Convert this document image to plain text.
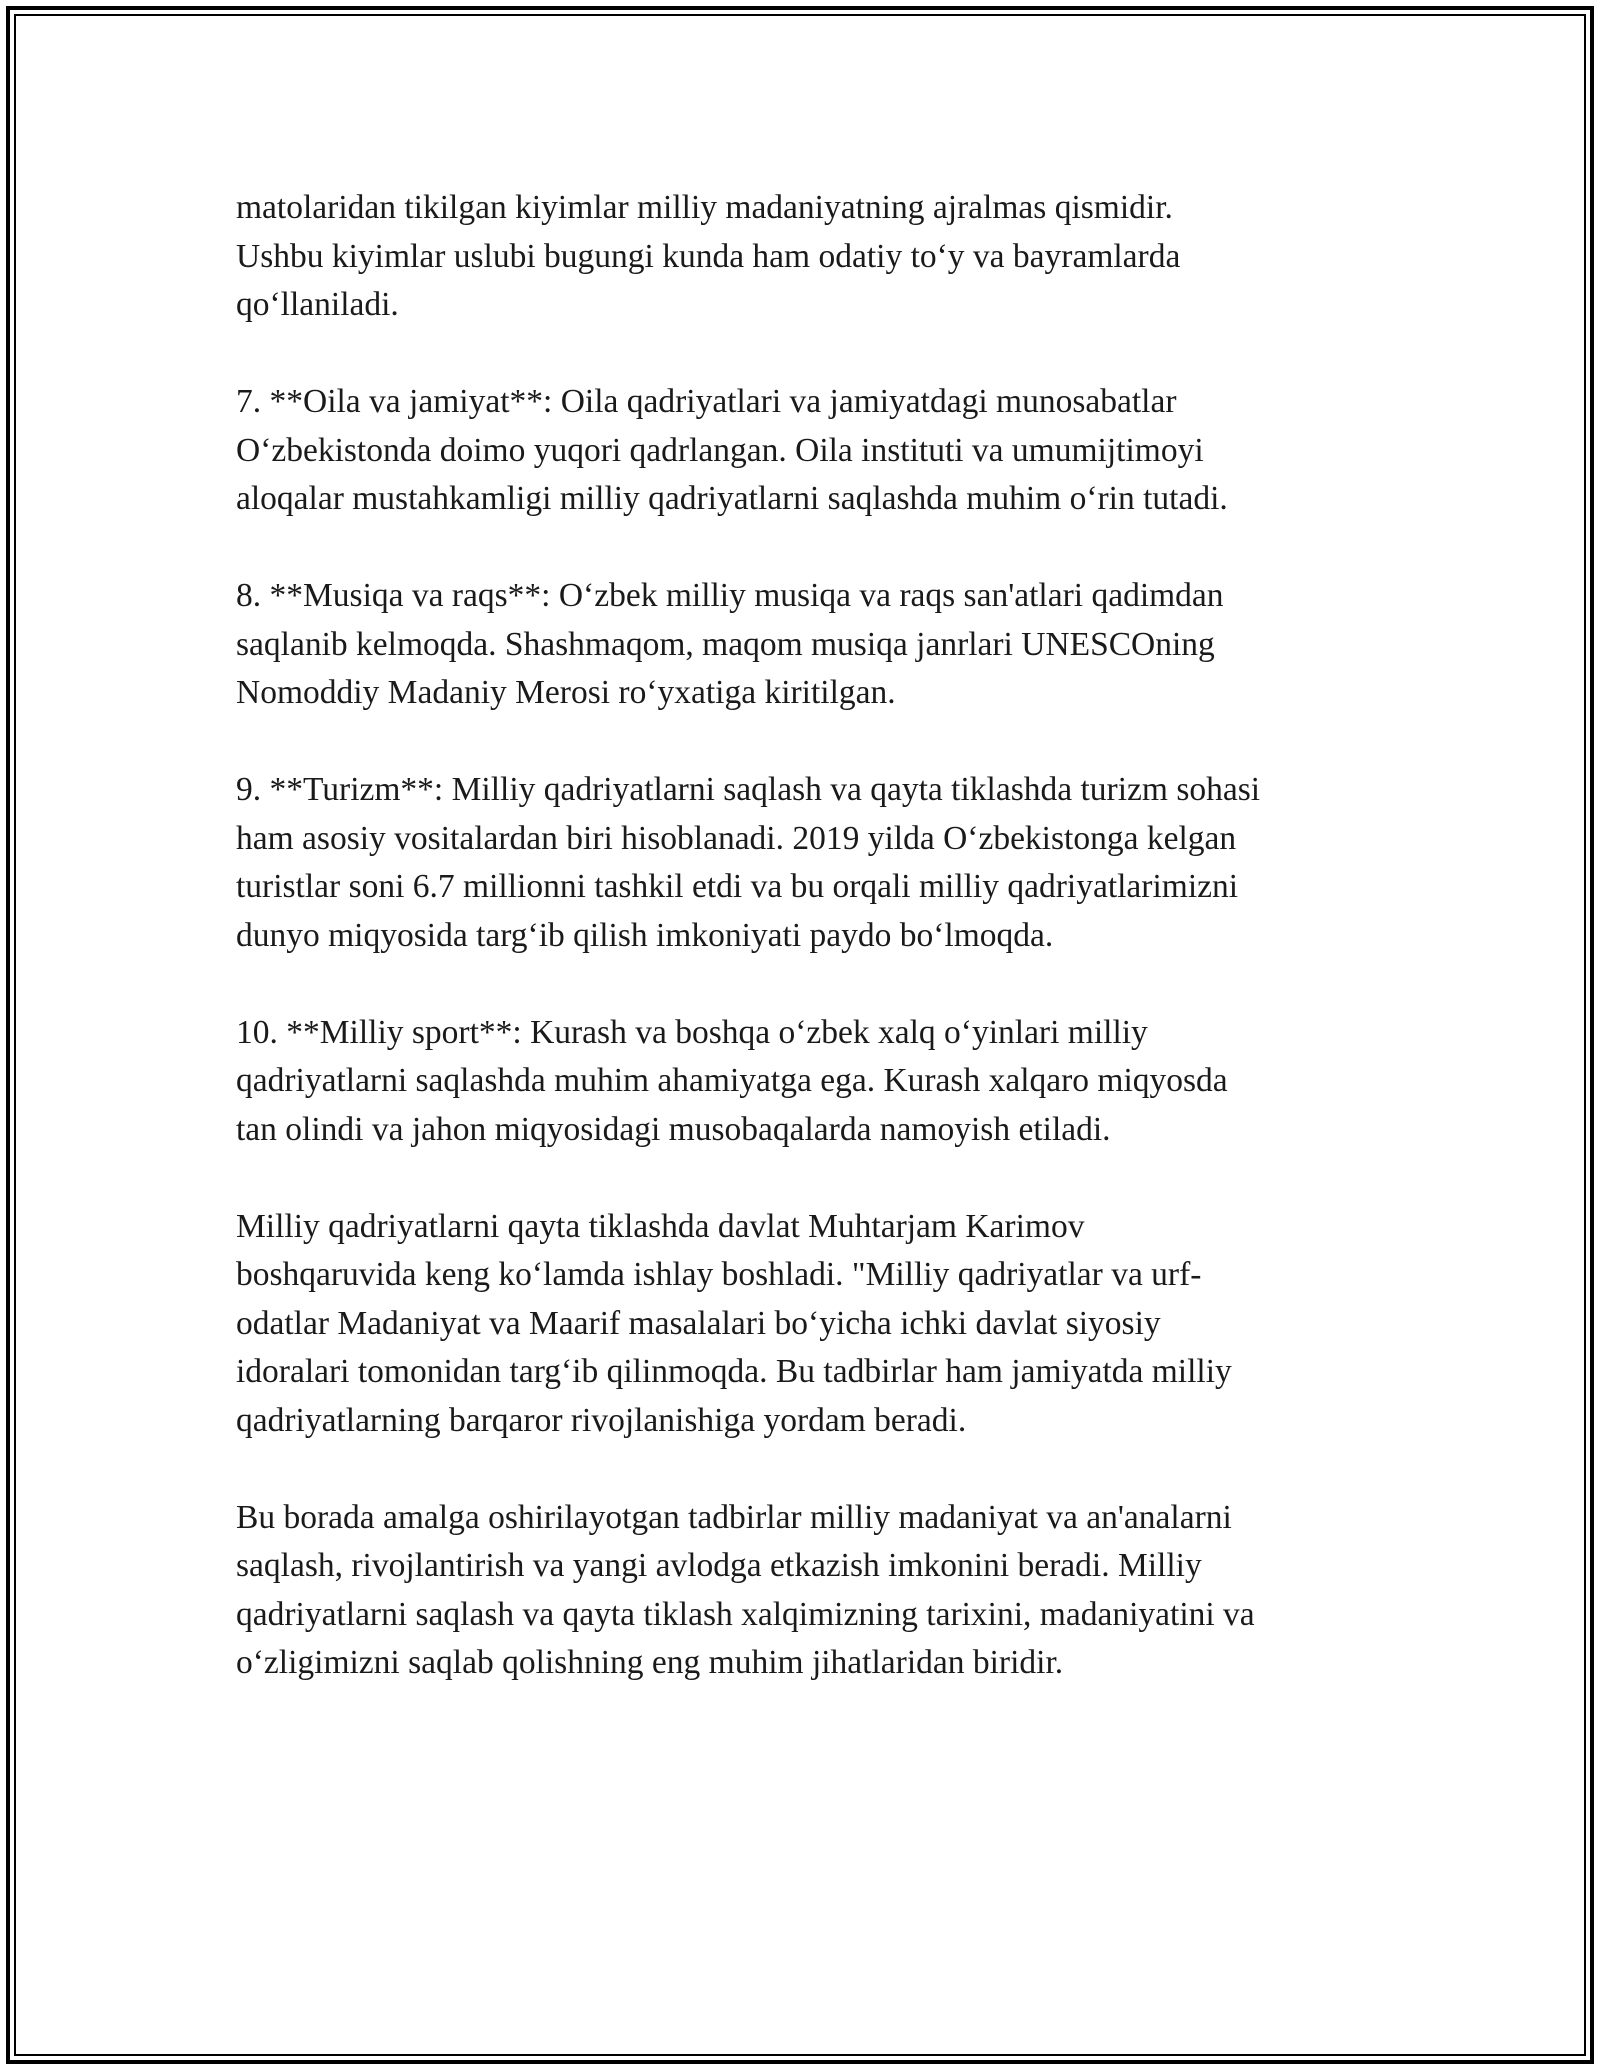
matolaridan tikilgan kiyimlar milliy madaniyatning ajralmas qismidir.
Ushbu kiyimlar uslubi bugungi kunda ham odatiy to‘y va bayramlarda
qo‘llaniladi.

7. **Oila va jamiyat**: Oila qadriyatlari va jamiyatdagi munosabatlar
O‘zbekistonda doimo yuqori qadrlangan. Oila instituti va umumijtimoyi
aloqalar mustahkamligi milliy qadriyatlarni saqlashda muhim o‘rin tutadi.

8. **Musiqa va raqs**: O‘zbek milliy musiqa va raqs san'atlari qadimdan
saqlanib kelmoqda. Shashmaqom, maqom musiqa janrlari UNESCOning
Nomoddiy Madaniy Merosi ro‘yxatiga kiritilgan.

9. **Turizm**: Milliy qadriyatlarni saqlash va qayta tiklashda turizm sohasi
ham asosiy vositalardan biri hisoblanadi. 2019 yilda O‘zbekistonga kelgan
turistlar soni 6.7 millionni tashkil etdi va bu orqali milliy qadriyatlarimizni
dunyo miqyosida targ‘ib qilish imkoniyati paydo bo‘lmoqda.

10. **Milliy sport**: Kurash va boshqa o‘zbek xalq o‘yinlari milliy
qadriyatlarni saqlashda muhim ahamiyatga ega. Kurash xalqaro miqyosda
tan olindi va jahon miqyosidagi musobaqalarda namoyish etiladi.

Milliy qadriyatlarni qayta tiklashda davlat Muhtarjam Karimov
boshqaruvida keng ko‘lamda ishlay boshladi. "Milliy qadriyatlar va urf-
odatlar Madaniyat va Maarif masalalari bo‘yicha ichki davlat siyosiy
idoralari tomonidan targ‘ib qilinmoqda. Bu tadbirlar ham jamiyatda milliy
qadriyatlarning barqaror rivojlanishiga yordam beradi.

Bu borada amalga oshirilayotgan tadbirlar milliy madaniyat va an'analarni
saqlash, rivojlantirish va yangi avlodga etkazish imkonini beradi. Milliy
qadriyatlarni saqlash va qayta tiklash xalqimizning tarixini, madaniyatini va
o‘zligimizni saqlab qolishning eng muhim jihatlaridan biridir.
